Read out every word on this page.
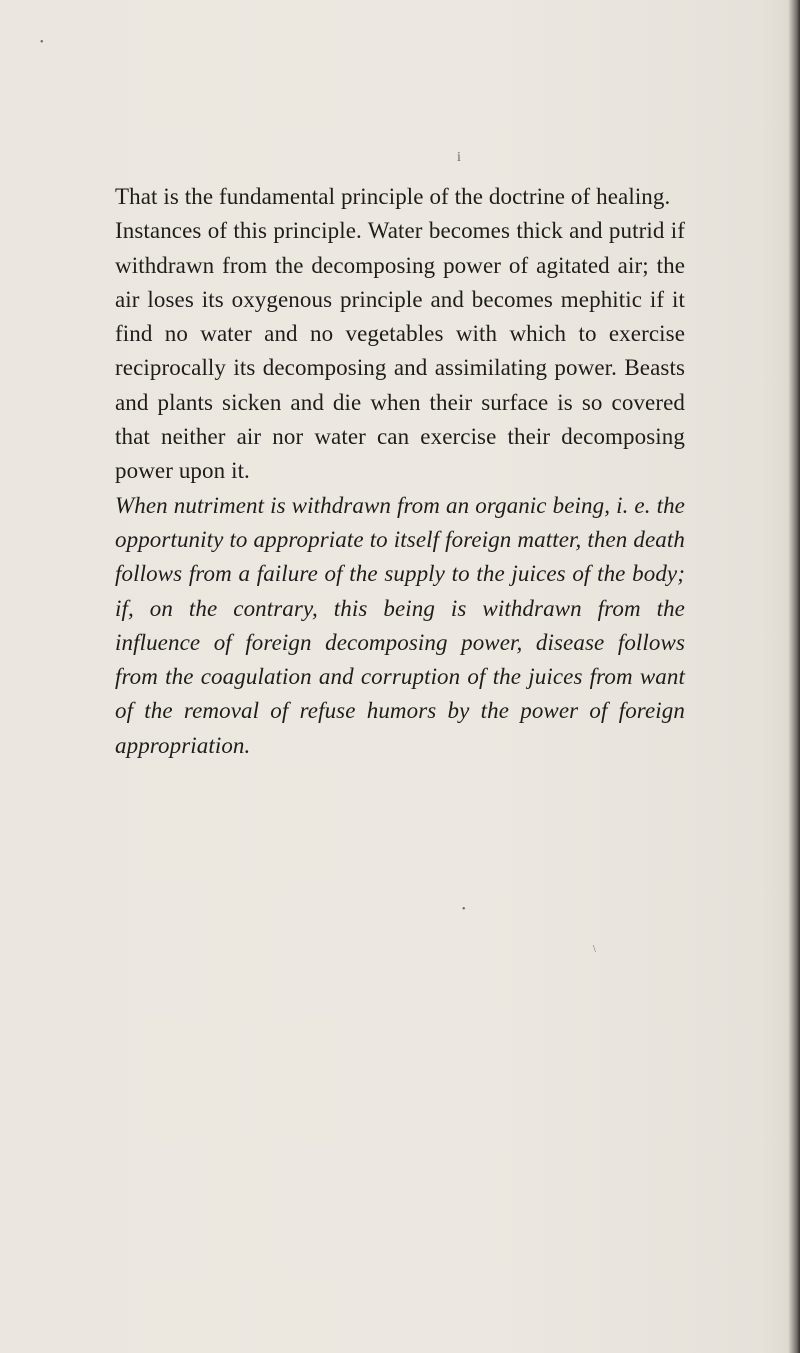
i
•
•
\

That is the fundamental principle of the doctrine of healing.

Instances of this principle. Water becomes thick and putrid if withdrawn from the decomposing power of agitated air; the air loses its oxygenous principle and becomes mephitic if it find no water and no vegetables with which to exercise reciprocally its decomposing and assimilating power. Beasts and plants sicken and die when their surface is so covered that neither air nor water can exercise their decomposing power upon it.

When nutriment is withdrawn from an organic being, i. e. the opportunity to appropriate to itself foreign matter, then death follows from a failure of the supply to the juices of the body; if, on the contrary, this being is withdrawn from the influence of foreign decomposing power, disease follows from the coagulation and corruption of the juices from want of the removal of refuse humors by the power of foreign appropriation.
